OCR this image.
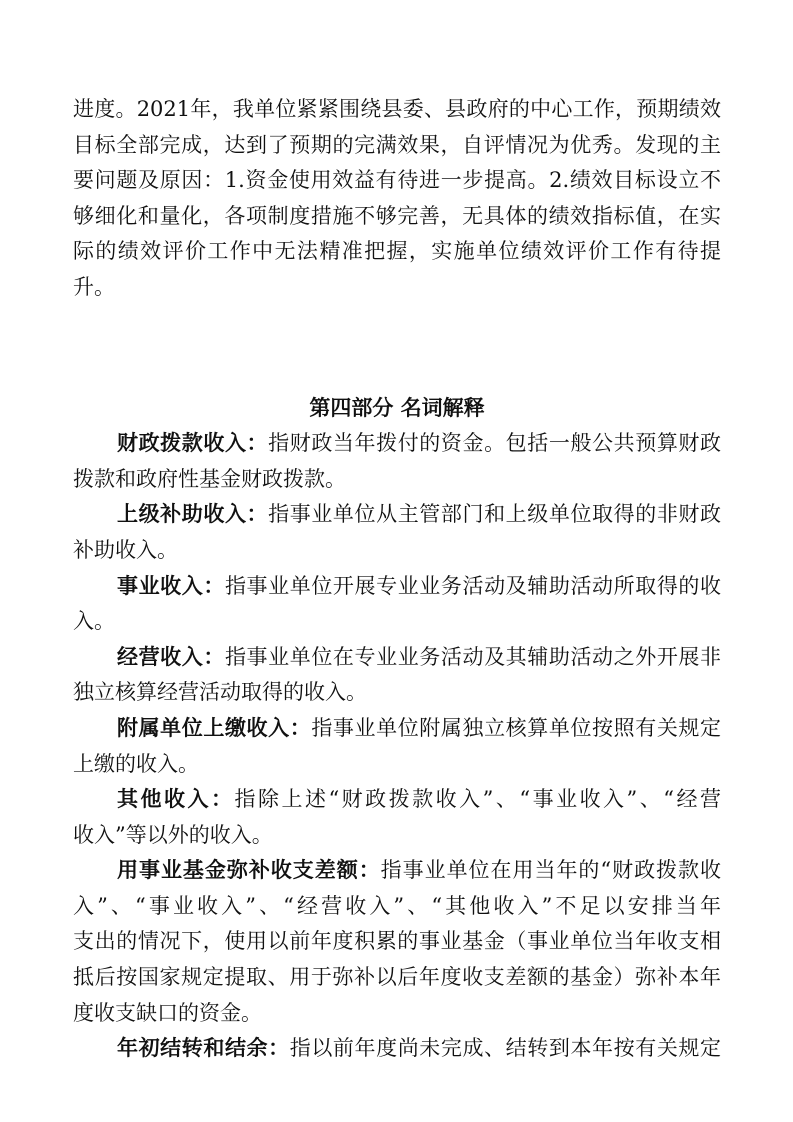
进度。2021年，我单位紧紧围绕县委、县政府的中心工作，预期绩效
目标全部完成，达到了预期的完满效果，自评情况为优秀。发现的主
要问题及原因：1.资金使用效益有待进一步提高。2.绩效目标设立不
够细化和量化，各项制度措施不够完善，无具体的绩效指标值，在实
际的绩效评价工作中无法精准把握，实施单位绩效评价工作有待提
升。
第四部分 名词解释
财政拨款收入：指财政当年拨付的资金。包括一般公共预算财政
拨款和政府性基金财政拨款。
上级补助收入：指事业单位从主管部门和上级单位取得的非财政
补助收入。
事业收入：指事业单位开展专业业务活动及辅助活动所取得的收
入。
经营收入：指事业单位在专业业务活动及其辅助活动之外开展非
独立核算经营活动取得的收入。
附属单位上缴收入：指事业单位附属独立核算单位按照有关规定
上缴的收入。
其他收入：指除上述“财政拨款收入”、“事业收入”、“经营
收入”等以外的收入。
用事业基金弥补收支差额：指事业单位在用当年的“财政拨款收
入”、“事业收入”、“经营收入”、“其他收入”不足以安排当年
支出的情况下，使用以前年度积累的事业基金（事业单位当年收支相
抵后按国家规定提取、用于弥补以后年度收支差额的基金）弥补本年
度收支缺口的资金。
年初结转和结余：指以前年度尚未完成、结转到本年按有关规定
